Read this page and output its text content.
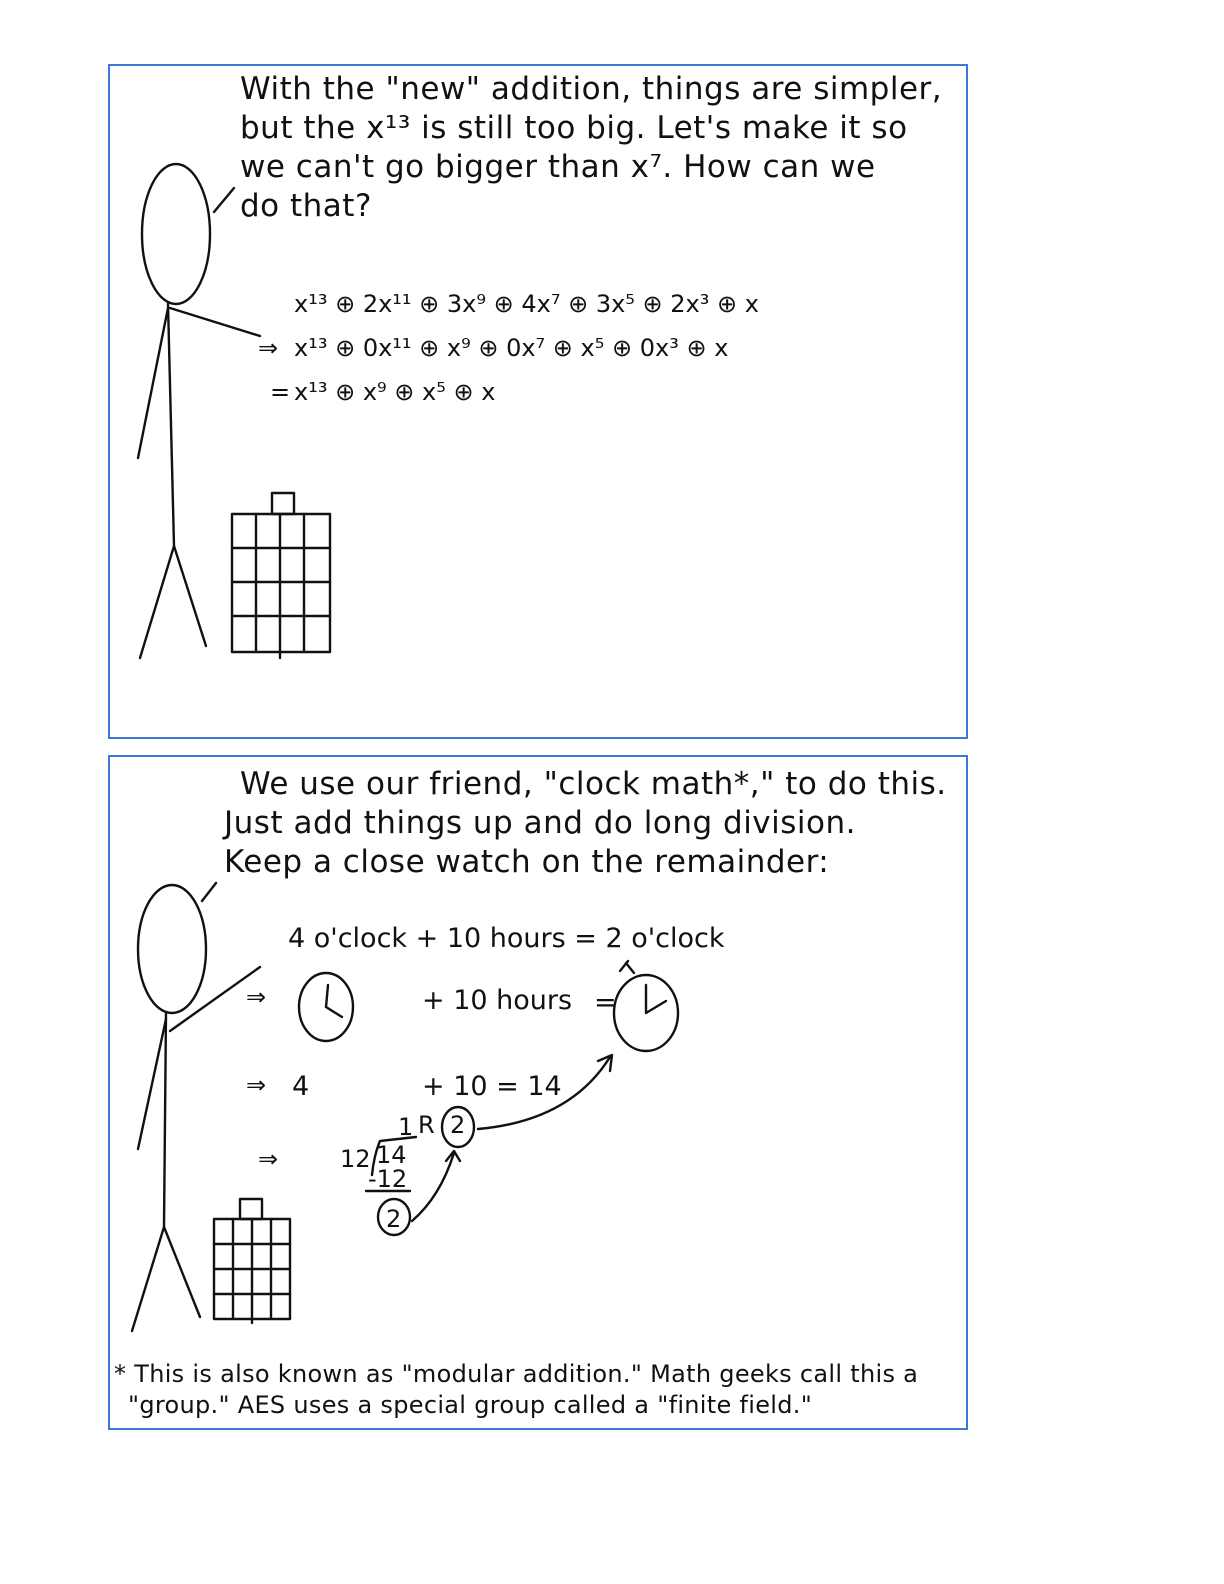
With the "new" addition, things are simpler,
but the x¹³ is still too big. Let's make it so
we can't go bigger than x⁷. How can we
do that?
x¹³ ⊕ 2x¹¹ ⊕ 3x⁹ ⊕ 4x⁷ ⊕ 3x⁵ ⊕ 2x³ ⊕ x
⇒ x¹³ ⊕ 0x¹¹ ⊕ x⁹ ⊕ 0x⁷ ⊕ x⁵ ⊕ 0x³ ⊕ x
= x¹³ ⊕ x⁹ ⊕ x⁵ ⊕ x
We use our friend, "clock math*," to do this.
Just add things up and do long division.
Keep a close watch on the remainder:
4 o'clock + 10 hours = 2 o'clock
⇒	+ 10 hours =
⇒ 4	+ 10 = 14
⇒	12 14
1 R 2
-12
2
* This is also known as "modular addition." Math geeks call this a
"group." AES uses a special group called a "finite field."
